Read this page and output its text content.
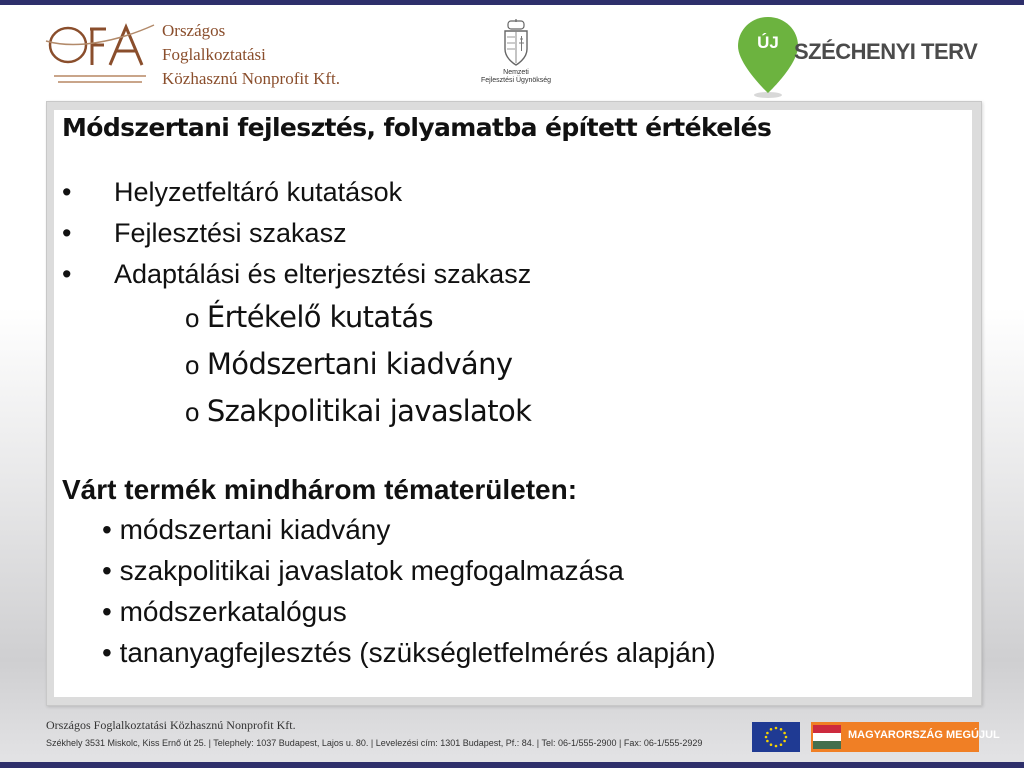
Országos
Foglalkoztatási
Közhasznú Nonprofit Kft.	Nemzeti
Fejlesztési Ügynökség
ÚJ SZÉCHENYI TERV
Módszertani fejlesztés, folyamatba épített értékelés
• Helyzetfeltáró kutatások
• Fejlesztési szakasz
• Adaptálási és elterjesztési szakasz
o Értékelő kutatás
o Módszertani kiadvány
o Szakpolitikai javaslatok
Várt termék mindhárom tématerületen:
• módszertani kiadvány
• szakpolitikai javaslatok megfogalmazása
• módszerkatalógus
• tananyagfejlesztés (szükségletfelmérés alapján)
Országos Foglalkoztatási Közhasznú Nonprofit Kft.
Székhely 3531 Miskolc, Kiss Ernő út 25. | Telephely: 1037 Budapest, Lajos u. 80. | Levelezési cím: 1301 Budapest, Pf.: 84. | Tel: 06-1/555-2900 | Fax: 06-1/555-2929
MAGYARORSZÁG MEGÚJUL
